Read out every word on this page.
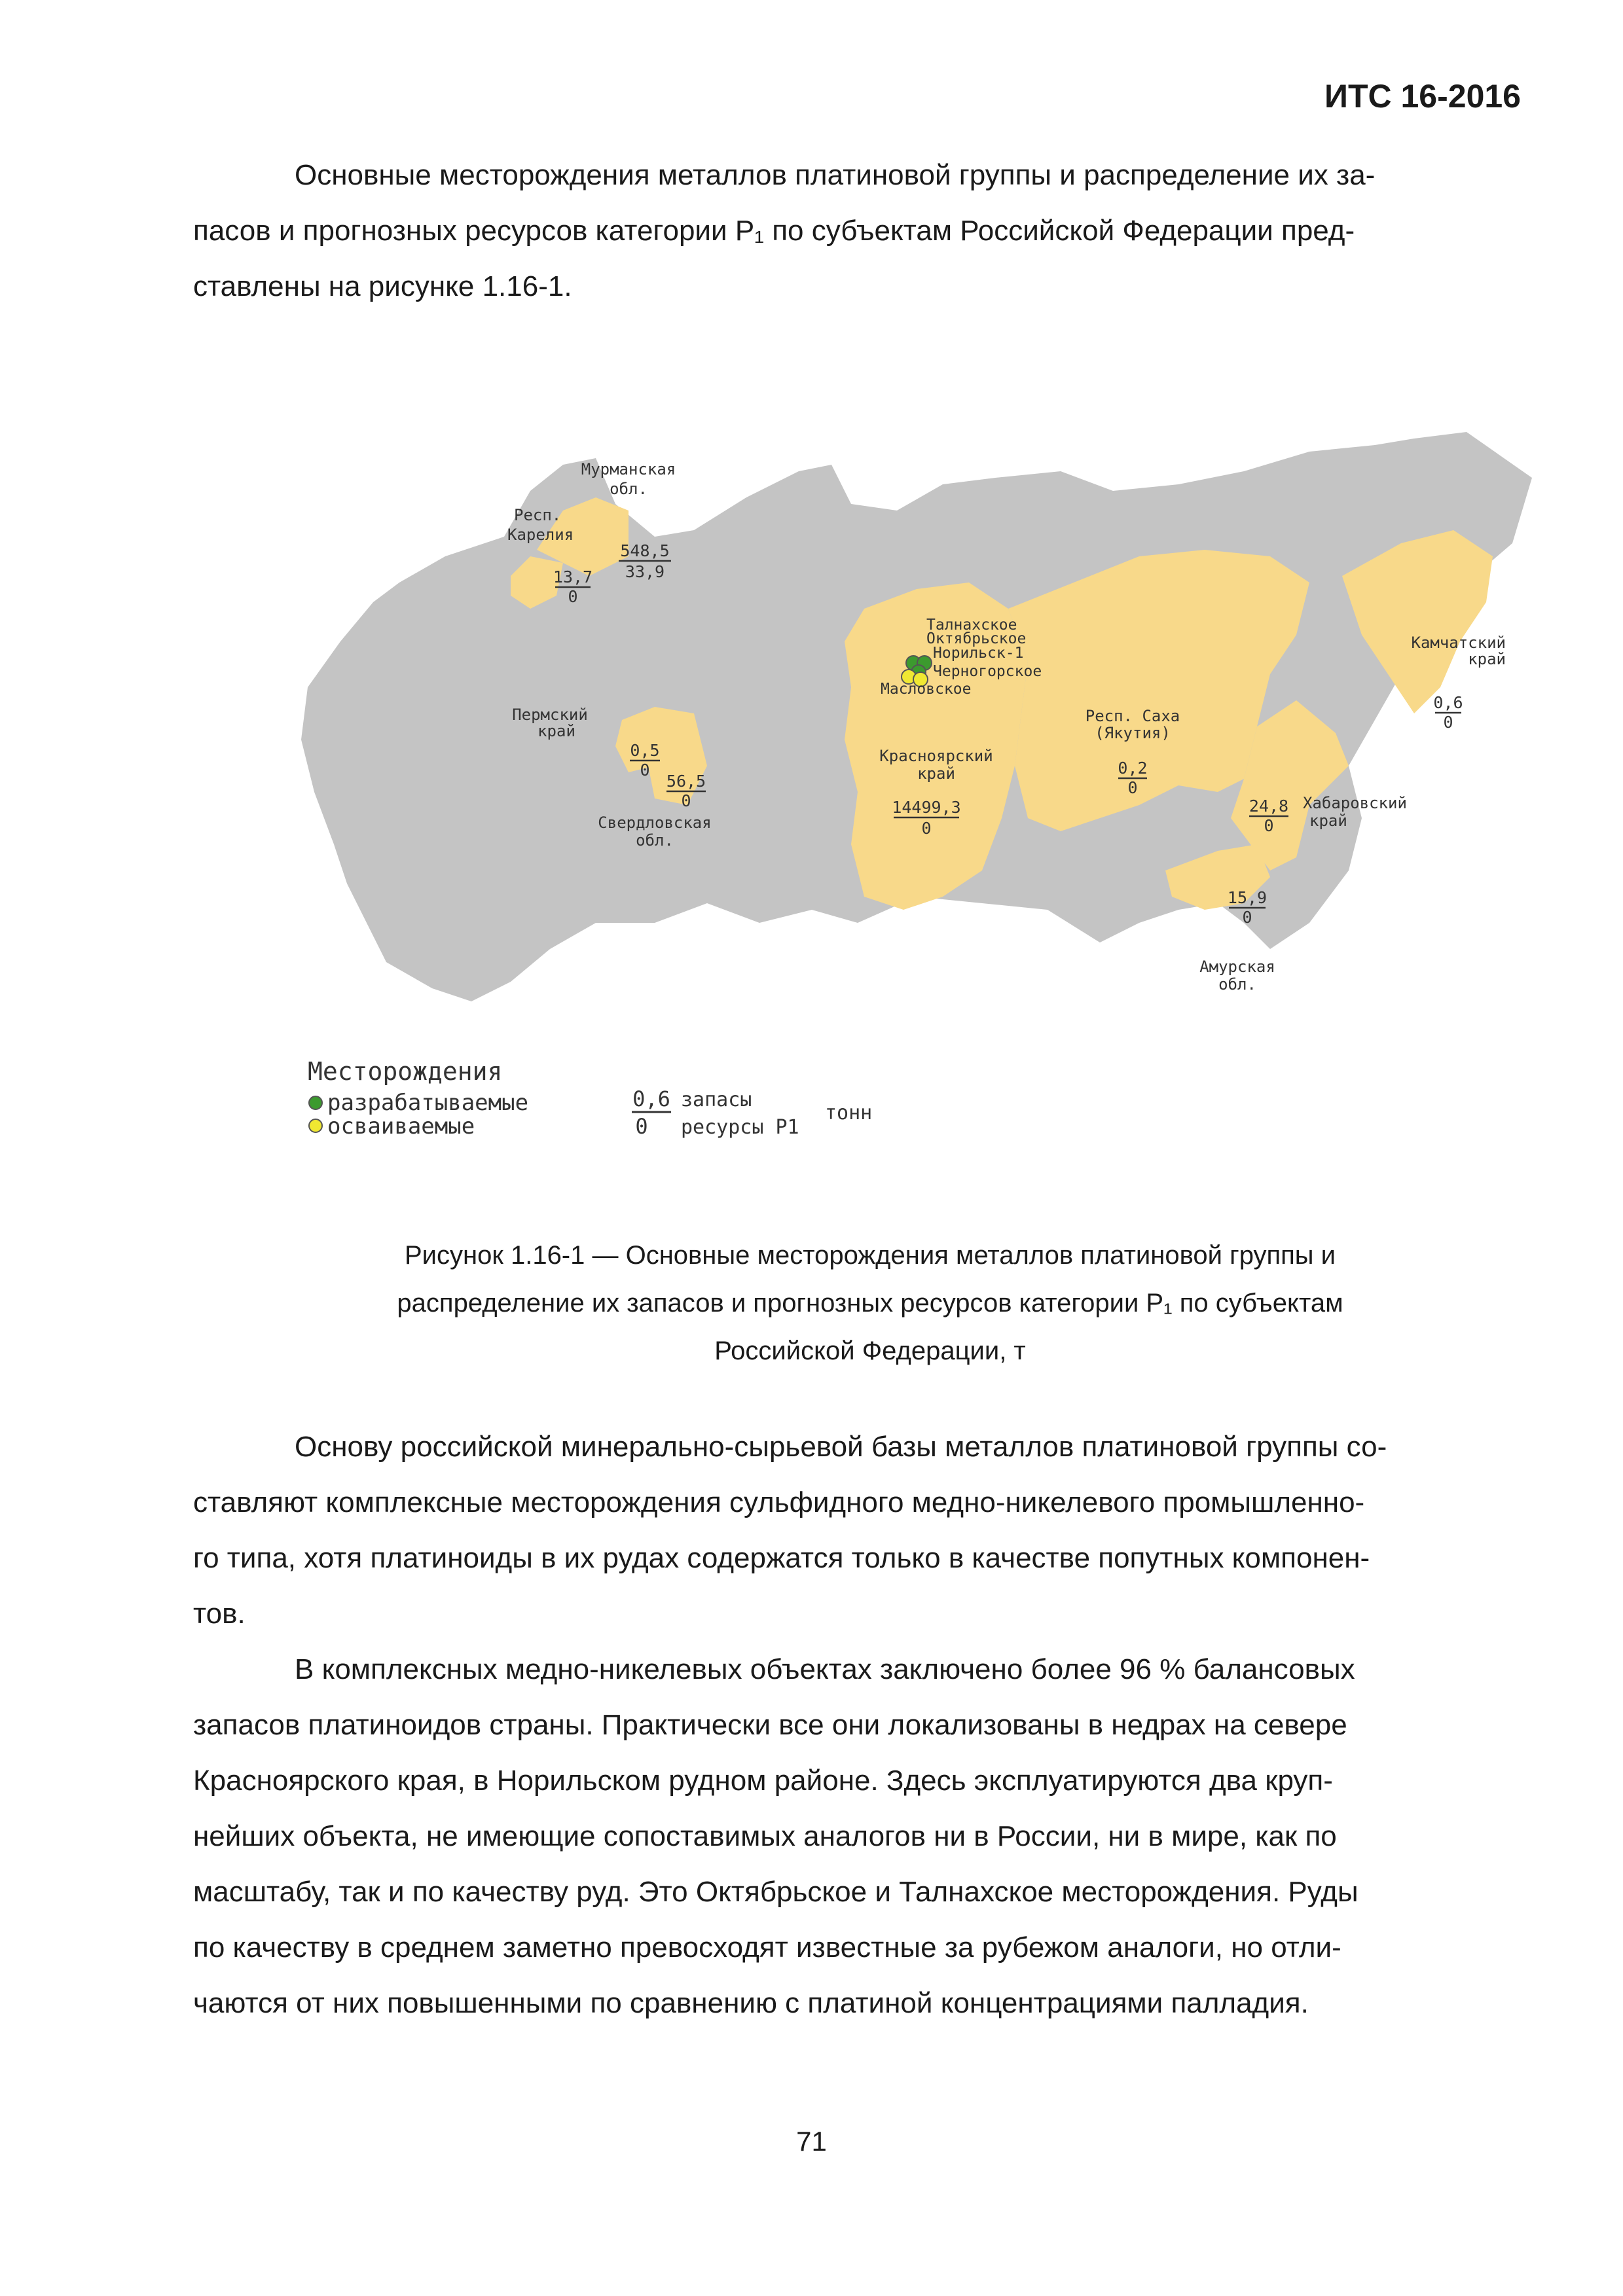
ИТС 16-2016
Основные месторождения металлов платиновой группы и распределение их за-
пасов и прогнозных ресурсов категории Р₁ по субъектам Российской Федерации пред-
ставлены на рисунке 1.16-1.
Мурманская
обл.
Респ.
Карелия
Пермский
край
Свердловская
обл.
Красноярский
край
Респ. Саха
(Якутия)
Хабаровский
край
Амурская
обл.
Камчатский
край
548,5
33,9
13,7
0
0,5
0
56,5
0	14499,3
0
0,2
0
24,8
0
15,9
0
0,6
0
Талнахское
Октябрьское
Норильск-1
Черногорское
Масловское
Месторождения
разрабатываемые
осваиваемые
0,6
0
запасы
ресурсы Р1
тонн
Рисунок 1.16-1 — Основные месторождения металлов платиновой группы и
распределение их запасов и прогнозных ресурсов категории Р₁ по субъектам
Российской Федерации, т
Основу российской минерально-сырьевой базы металлов платиновой группы со-
ставляют комплексные месторождения сульфидного медно-никелевого промышленно-
го типа, хотя платиноиды в их рудах содержатся только в качестве попутных компонен-
тов.
В комплексных медно-никелевых объектах заключено более 96 % балансовых
запасов платиноидов страны. Практически все они локализованы в недрах на севере
Красноярского края, в Норильском рудном районе. Здесь эксплуатируются два круп-
нейших объекта, не имеющие сопоставимых аналогов ни в России, ни в мире, как по
масштабу, так и по качеству руд. Это Октябрьское и Талнахское месторождения. Руды
по качеству в среднем заметно превосходят известные за рубежом аналоги, но отли-
чаются от них повышенными по сравнению с платиной концентрациями палладия.
71
